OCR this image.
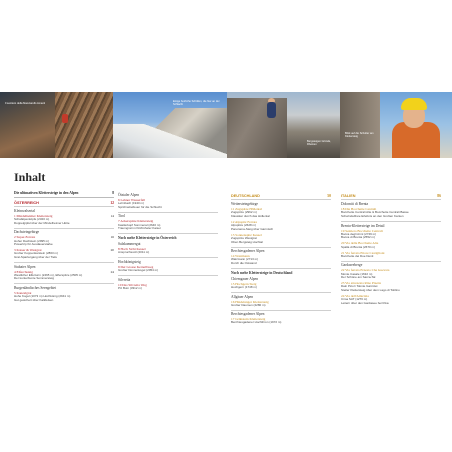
Il sentiero della Manciarello Amanti
Einige herrliche Schöllen, die hier an der Schlacht
Bergsteigen Gründe, Rheinen
Blick auf die Schulter am Klettersteig
Inhalt
Die ultimativen Klettersteige in den Alpen	8
ÖSTERREICH	12
Kleinwalsertal
1 Mindelheimer Klettersteig	14
Schafalpenköpfe (2320 m)
Doppelgipfel über der Mindelheimer Hütte
Dachsteingebirge
2 Super-Ferrata	16
Hoher Dachstein (2995 m)
Powertrip für Ausdauerstarke
3 Kaiser & Westgrat	20
Großer Koppenkarstein (2863 m)
Grat-Spaziergang über der Tiefe
Stubaier Alpen
4 Elferchsteig	24
Westlicher Elferturm (2465 m), Elferspitze (2505 m)
Der kunterbunte Sommersteig
Burgenländisches Seengebiet
5 Kanzelgrat
Hohe Kogel (1073 m) Hochkönig (2941 m)
Gut gesichert über Kalkfelsen
Ötztaler Alpen
6 Lehner Wasserfall
Lehnbach (1940 m)
Sprühnebelfeuer für die Schlucht
Tirol
7 Ackerspitze Klettersteig
Kastlerkopf Sommeral (2640 m)
Traumgrat im Kitzbüheler Kaiser
Noch mehr Klettersteige in Österreich
Salzkammergut
8 Hoch Sicht Kessel
Anspruchsvoll (2011 m)
Hochkönigsteig
9 Der Grosse Kernalbweg
Großer Donnerkogel (2054 m)
Silvretta
10 Das Silvretta Weg
Piz Buin (3312 m)
DEUTSCHLAND	50
Wettersteingebirge
11 Zugspitze Höllental
Zugspitze (2962 m)
Klassiker durch das Höllental
12 Alpspitz Ferrata
Alpspitze (2628 m)
Panorama-Steig über Garmisch
13 Sonnenspitz Kessel
Zugspitze Westgrat
Oben Bergsteig Hochtal
Berchtesgadener Alpen
14 Watzmann
Watzmann (2713 m)
Durch die Ostwand
Noch mehr Klettersteige in Deutschland
Chiemgauer Alpen
15 Hochgern Steig
Hochgern (1748 m)
Allgäuer Alpen
16 Hindelanger Klettersteig
Großer Daumen (2280 m)
Berchtesgadener Alpen
17 Grünstein Klettersteig
Berchtesgadener Hochthron (1972 m)
ITALIEN	86
Dolomiti di Brenta
18 Die Bocchette Centrali
Bocchette Centrali Alte & Bocchette Centrali Basse
Schwindelfreie Erlebnis an den Großen Kanten
Brenta-Klettersteige im Detail
19 Sentiero Bocchette Centrali
Bocca degli Armi (2749 m)
Bocca di Brenta (2552 m)
20 Via delle Bocchette Alte
Spalla di Brenta (2670 m)
21 Via ferrata Ettore Castiglioni
Bocchette dei Due Denti
Gardaseeberge
22 Via ferrata Ernesto Che Guevara
Monte Casale (1632 m)
Der Schöne am Sarca-Tal
23 Via attrezzata Rino Pisetta
Dain Picol / Monte Garzolet
Steiler Klettersteig über dem Lago di Toblino
24 Via dell'Amicizia
Cima SAT (1276 m)
Leitern über den Gardasee bei Riva
